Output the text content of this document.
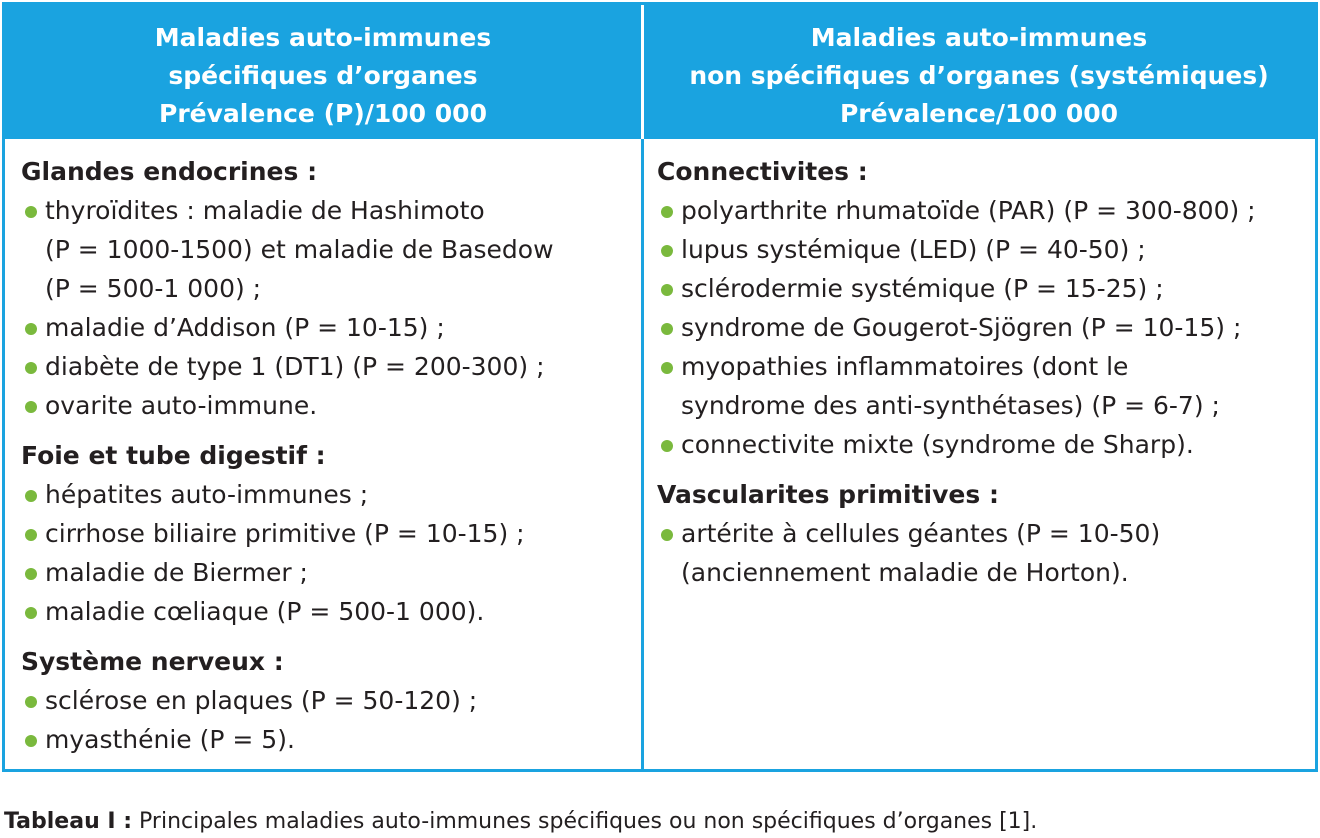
Maladies auto-immunes
spécifiques d’organes
Prévalence (P)/100 000
Maladies auto-immunes
non spécifiques d’organes (systémiques)
Prévalence/100 000
Glandes endocrines :
thyroïdites : maladie de Hashimoto
(P = 1000-1500) et maladie de Basedow
(P = 500-1 000) ;
maladie d’Addison (P = 10-15) ;
diabète de type 1 (DT1) (P = 200-300) ;
ovarite auto-immune.
Foie et tube digestif :
hépatites auto-immunes ;
cirrhose biliaire primitive (P = 10-15) ;
maladie de Biermer ;
maladie cœliaque (P = 500-1 000).
Système nerveux :
sclérose en plaques (P = 50-120) ;
myasthénie (P = 5).
Connectivites :
polyarthrite rhumatoïde (PAR) (P = 300-800) ;
lupus systémique (LED) (P = 40-50) ;
sclérodermie systémique (P = 15-25) ;
syndrome de Gougerot-Sjögren (P = 10-15) ;
myopathies inflammatoires (dont le
syndrome des anti-synthétases) (P = 6-7) ;
connectivite mixte (syndrome de Sharp).
Vascularites primitives :
artérite à cellules géantes (P = 10-50)
(anciennement maladie de Horton).
Tableau I : Principales maladies auto-immunes spécifiques ou non spécifiques d’organes [1].
